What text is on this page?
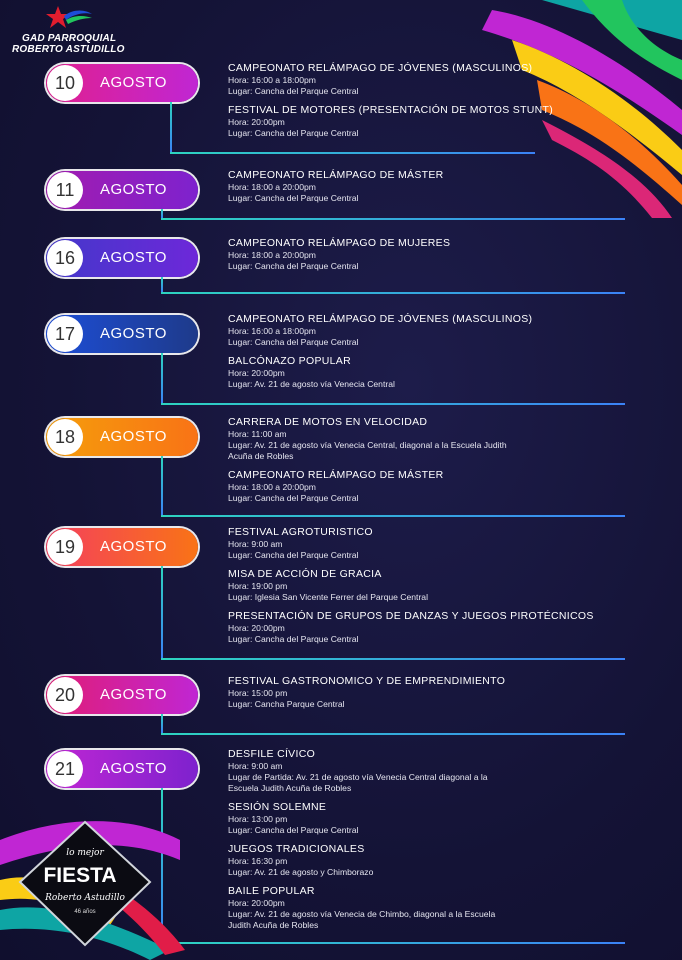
GAD PARROQUIAL
ROBERTO ASTUDILLO
10	AGOSTO
CAMPEONATO RELÁMPAGO DE JÓVENES (MASCULINOS)
Hora: 16:00 a 18:00pm
Lugar: Cancha del Parque Central
FESTIVAL DE MOTORES (PRESENTACIÓN DE MOTOS STUNT)
Hora: 20:00pm
Lugar: Cancha del Parque Central
11	AGOSTO
CAMPEONATO RELÁMPAGO DE MÁSTER
Hora: 18:00 a 20:00pm
Lugar: Cancha del Parque Central
16	AGOSTO
CAMPEONATO RELÁMPAGO DE MUJERES
Hora: 18:00 a 20:00pm
Lugar: Cancha del Parque Central
17	AGOSTO
CAMPEONATO RELÁMPAGO DE JÓVENES (MASCULINOS)
Hora: 16:00 a 18:00pm
Lugar: Cancha del Parque Central
BALCÓNAZO POPULAR
Hora: 20:00pm
Lugar: Av. 21 de agosto vía Venecia Central
18	AGOSTO
CARRERA DE MOTOS EN VELOCIDAD
Hora: 11:00 am
Lugar: Av. 21 de agosto vía Venecia Central, diagonal a la Escuela Judith
Acuña de Robles
CAMPEONATO RELÁMPAGO DE MÁSTER
Hora: 18:00 a 20:00pm
Lugar: Cancha del Parque Central
19	AGOSTO
FESTIVAL AGROTURISTICO
Hora: 9:00 am
Lugar: Cancha del Parque Central
MISA DE ACCIÓN DE GRACIA
Hora: 19:00 pm
Lugar: Iglesia San Vicente Ferrer del Parque Central
PRESENTACIÓN DE GRUPOS DE DANZAS Y JUEGOS PIROTÉCNICOS
Hora: 20:00pm
Lugar: Cancha del Parque Central
20	AGOSTO
FESTIVAL GASTRONOMICO Y DE EMPRENDIMIENTO
Hora: 15:00 pm
Lugar: Cancha Parque Central
21	AGOSTO
DESFILE CÍVICO
Hora: 9:00 am
Lugar de Partida: Av. 21 de agosto vía Venecia Central diagonal a la
Escuela Judith Acuña de Robles
SESIÓN SOLEMNE
Hora: 13:00 pm
Lugar: Cancha del Parque Central
JUEGOS TRADICIONALES
Hora: 16:30 pm
Lugar: Av. 21 de agosto y Chimborazo
BAILE POPULAR
Hora: 20:00pm
Lugar: Av. 21 de agosto vía Venecia de Chimbo, diagonal a la Escuela
Judith Acuña de Robles
lo mejor
FIESTA
Roberto Astudillo
46 años
